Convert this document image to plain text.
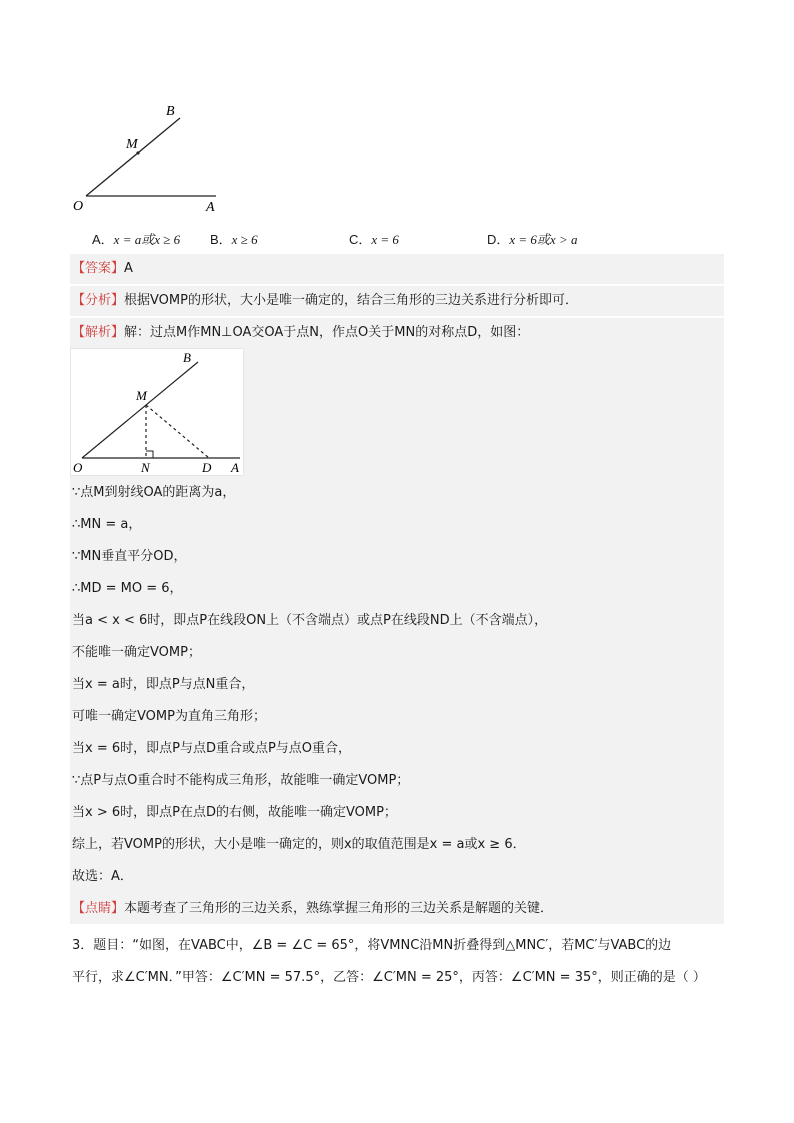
B
M
O	A
A．x = a或x ≥ 6 B．x ≥ 6	C．x = 6	D．x = 6或x > a
【答案】A
【分析】根据VOMP的形状，大小是唯一确定的，结合三角形的三边关系进行分析即可．
【解析】解：过点M作MN⊥OA交OA于点N，作点O关于MN的对称点D，如图：
B
M
O	N	D A
∵点M到射线OA的距离为a，
∴MN = a，
∵MN垂直平分OD，
∴MD = MO = 6，
当a < x < 6时，即点P在线段ON上（不含端点）或点P在线段ND上（不含端点），
不能唯一确定VOMP；
当x = a时，即点P与点N重合，
可唯一确定VOMP为直角三角形；
当x = 6时，即点P与点D重合或点P与点O重合，
∵点P与点O重合时不能构成三角形，故能唯一确定VOMP；
当x > 6时，即点P在点D的右侧，故能唯一确定VOMP；
综上，若VOMP的形状，大小是唯一确定的，则x的取值范围是x = a或x ≥ 6．
故选：A．
【点睛】本题考查了三角形的三边关系，熟练掌握三角形的三边关系是解题的关键．
3．题目：“如图，在VABC中，∠B = ∠C = 65°，将VMNC沿MN折叠得到△MNC′，若MC′与VABC的边
平行，求∠C′MN．”甲答：∠C′MN = 57.5°，乙答：∠C′MN = 25°，丙答：∠C′MN = 35°，则正确的是（ ）
